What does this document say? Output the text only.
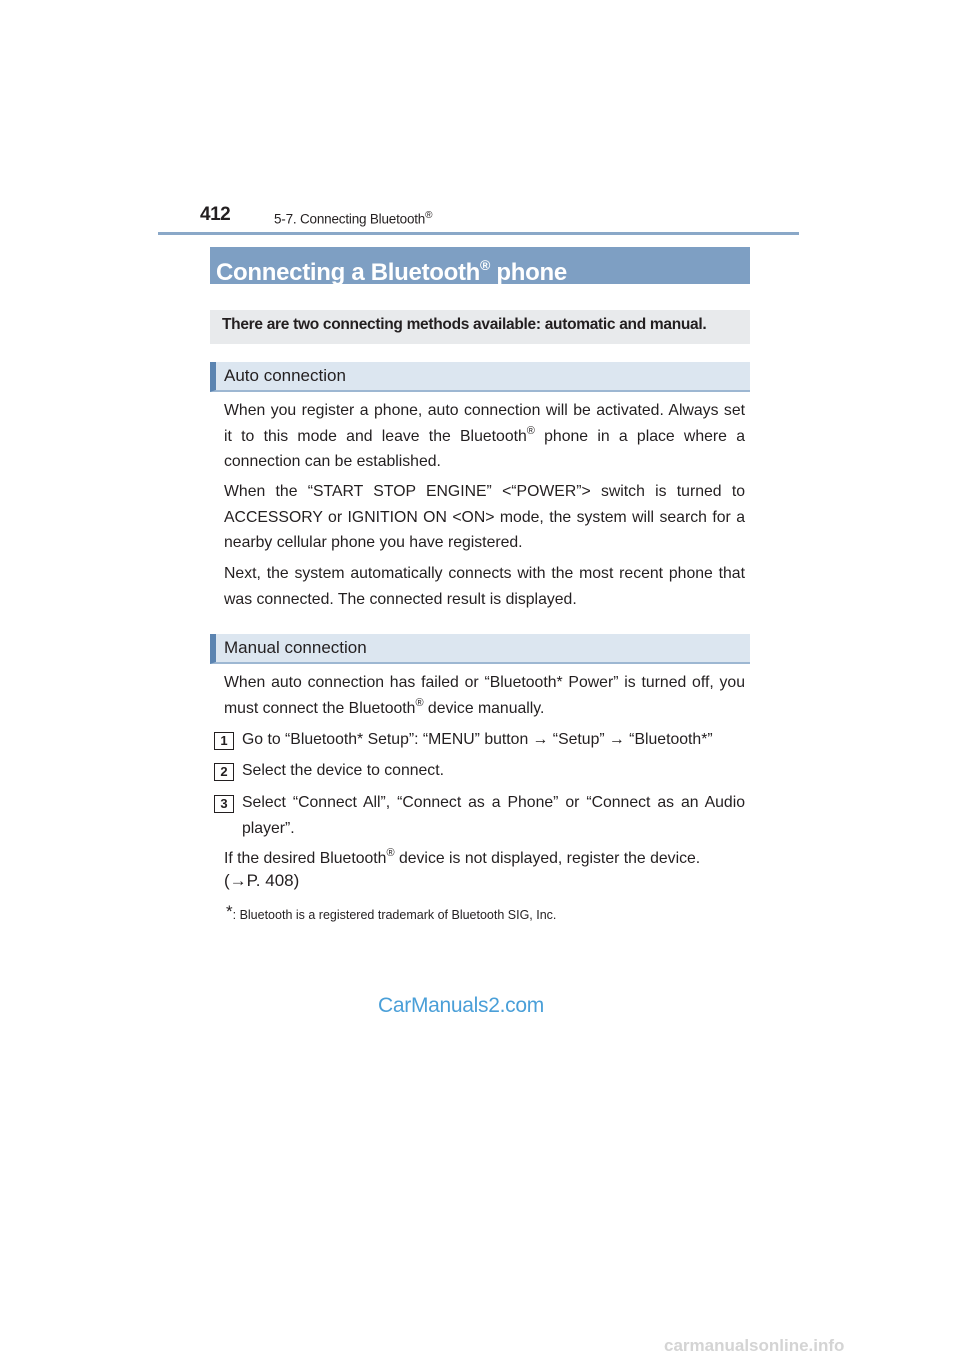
412	5-7. Connecting Bluetooth®
Connecting a Bluetooth® phone
There are two connecting methods available: automatic and manual.
Auto connection

When you register a phone, auto connection will be activated. Always set it to this mode and leave the Bluetooth® phone in a place where a connection can be established.

When the “START STOP ENGINE” <“POWER”> switch is turned to ACCESSORY or IGNITION ON <ON> mode, the system will search for a nearby cellular phone you have registered.

Next, the system automatically connects with the most recent phone that was connected. The connected result is displayed.

Manual connection

When auto connection has failed or “Bluetooth* Power” is turned off, you must connect the Bluetooth® device manually.

1 Go to “Bluetooth* Setup”: “MENU” button → “Setup” → “Bluetooth*”

2 Select the device to connect.

3 Select “Connect All”, “Connect as a Phone” or “Connect as an Audio player”.

If the desired Bluetooth® device is not displayed, register the device.

(→P. 408)
*: Bluetooth is a registered trademark of Bluetooth SIG, Inc.
CarManuals2.com
carmanualsonline.info
